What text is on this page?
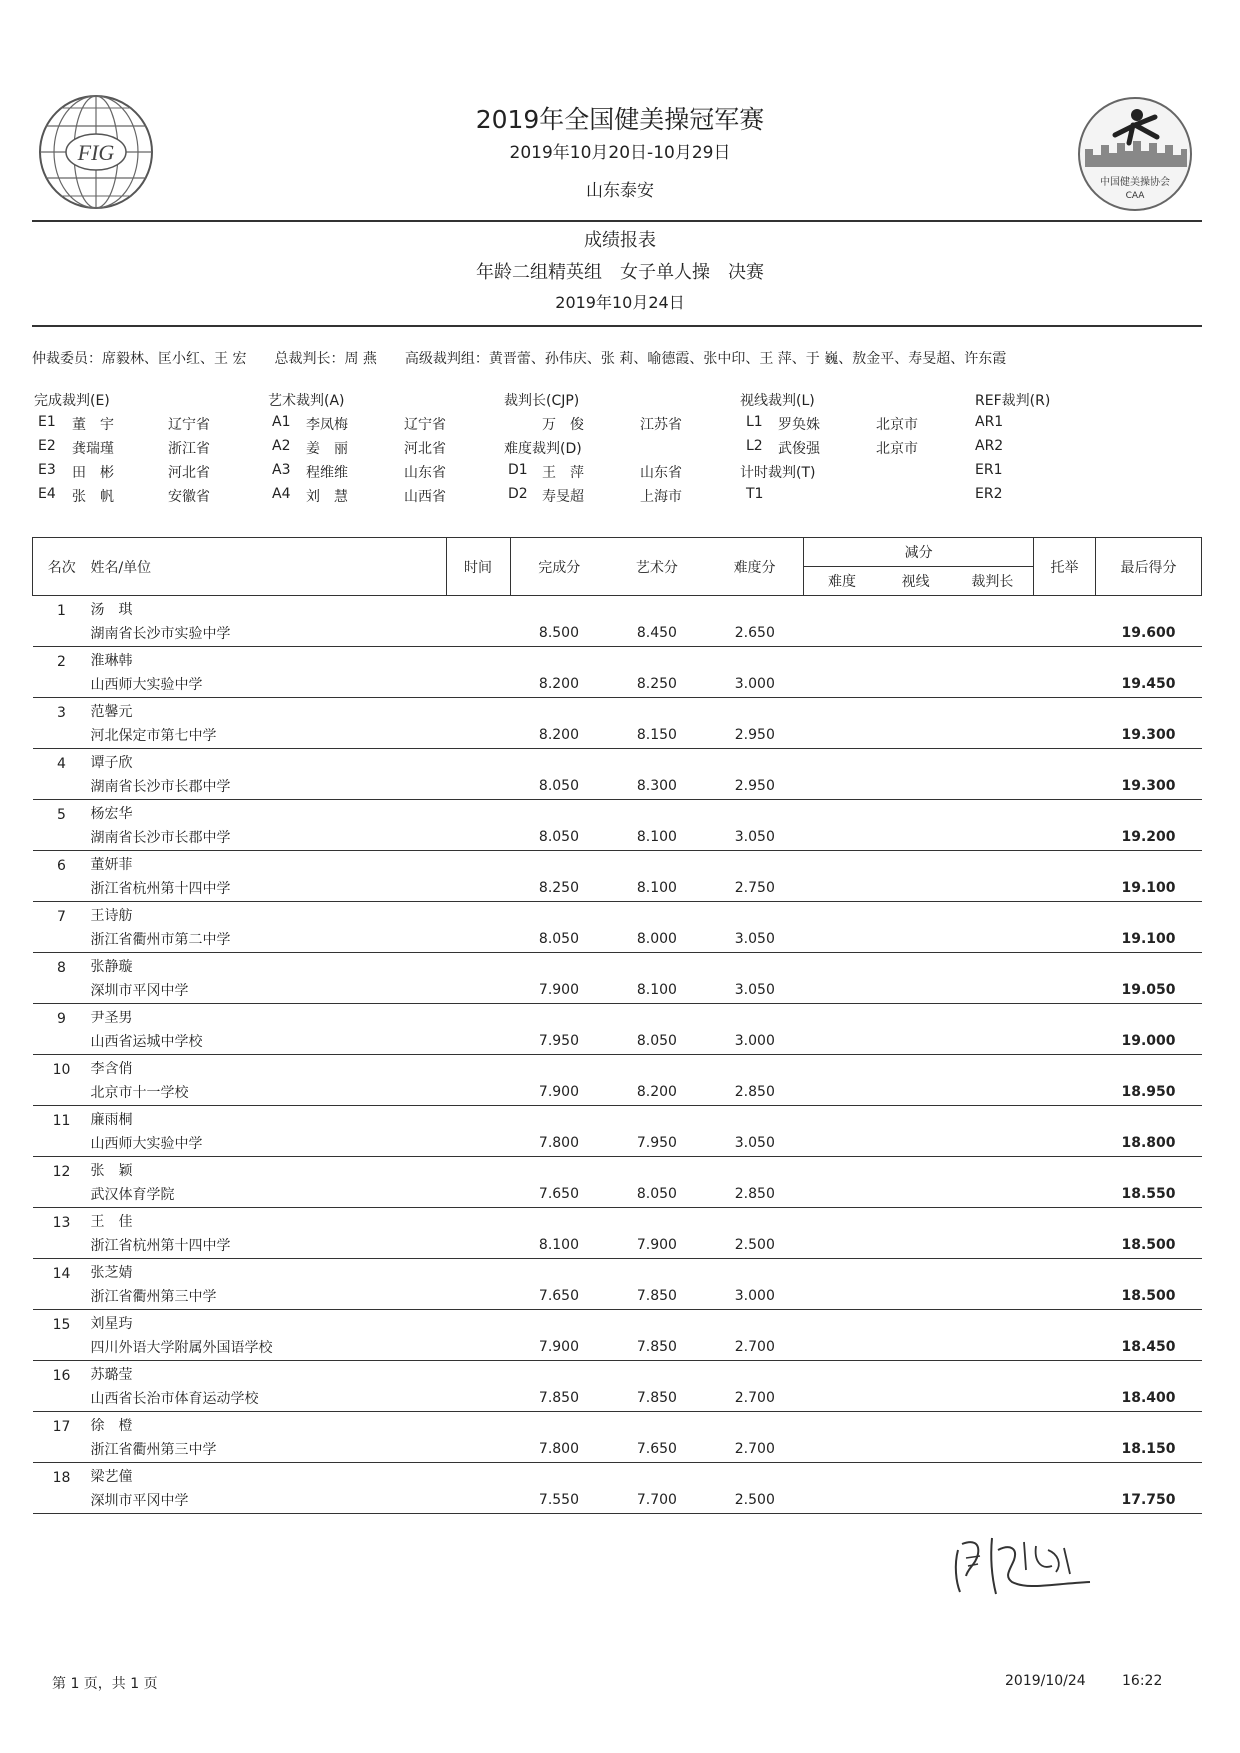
FIG
中国健美操协会
CAA
2019年全国健美操冠军赛
2019年10月20日-10月29日
山东泰安
成绩报表
年龄二组精英组　女子单人操　决赛
2019年10月24日
仲裁委员：席毅林、匡小红、王 宏　　总裁判长：周 燕　　高级裁判组：黄晋蕾、孙伟庆、张 莉、喻德霞、张中印、王 萍、于 巍、敖金平、寿旻超、许东霞
完成裁判(E)
E1 董　宇	辽宁省
E2 龚瑞瑾	浙江省
E3 田　彬	河北省
E4 张　帆	安徽省
艺术裁判(A)
A1 李凤梅	辽宁省
A2 姜　丽	河北省
A3 程维维	山东省
A4 刘　慧	山西省
裁判长(CJP)
万　俊	江苏省
难度裁判(D)
D1 王　萍	山东省
D2 寿旻超	上海市
视线裁判(L)
L1 罗奂姝	北京市
L2 武俊强	北京市
计时裁判(T)
T1
REF裁判(R)
AR1
AR2
ER1
ER2
名次	姓名/单位	时间	完成分	艺术分	难度分	减分			托举	最后得分
						难度	视线	裁判长		
1	汤　琪									
	湖南省长沙市实验中学		8.500	8.450	2.650					19.600
2	淮琳韩									
	山西师大实验中学		8.200	8.250	3.000					19.450
3	范馨元									
	河北保定市第七中学		8.200	8.150	2.950					19.300
4	谭子欣									
	湖南省长沙市长郡中学		8.050	8.300	2.950					19.300
5	杨宏华									
	湖南省长沙市长郡中学		8.050	8.100	3.050					19.200
6	董妍菲									
	浙江省杭州第十四中学		8.250	8.100	2.750					19.100
7	王诗舫									
	浙江省衢州市第二中学		8.050	8.000	3.050					19.100
8	张静璇									
	深圳市平冈中学		7.900	8.100	3.050					19.050
9	尹圣男									
	山西省运城中学校		7.950	8.050	3.000					19.000
10	李含俏									
	北京市十一学校		7.900	8.200	2.850					18.950
11	廉雨桐									
	山西师大实验中学		7.800	7.950	3.050					18.800
12	张　颖									
	武汉体育学院		7.650	8.050	2.850					18.550
13	王　佳									
	浙江省杭州第十四中学		8.100	7.900	2.500					18.500
14	张芝婧									
	浙江省衢州第三中学		7.650	7.850	3.000					18.500
15	刘星玙									
	四川外语大学附属外国语学校		7.900	7.850	2.700					18.450
16	苏璐莹									
	山西省长治市体育运动学校		7.850	7.850	2.700					18.400
17	徐　橙									
	浙江省衢州第三中学		7.800	7.650	2.700					18.150
18	梁艺僮									
	深圳市平冈中学		7.550	7.700	2.500					17.750
第 1 页，共 1 页	2019/10/24	16:22
